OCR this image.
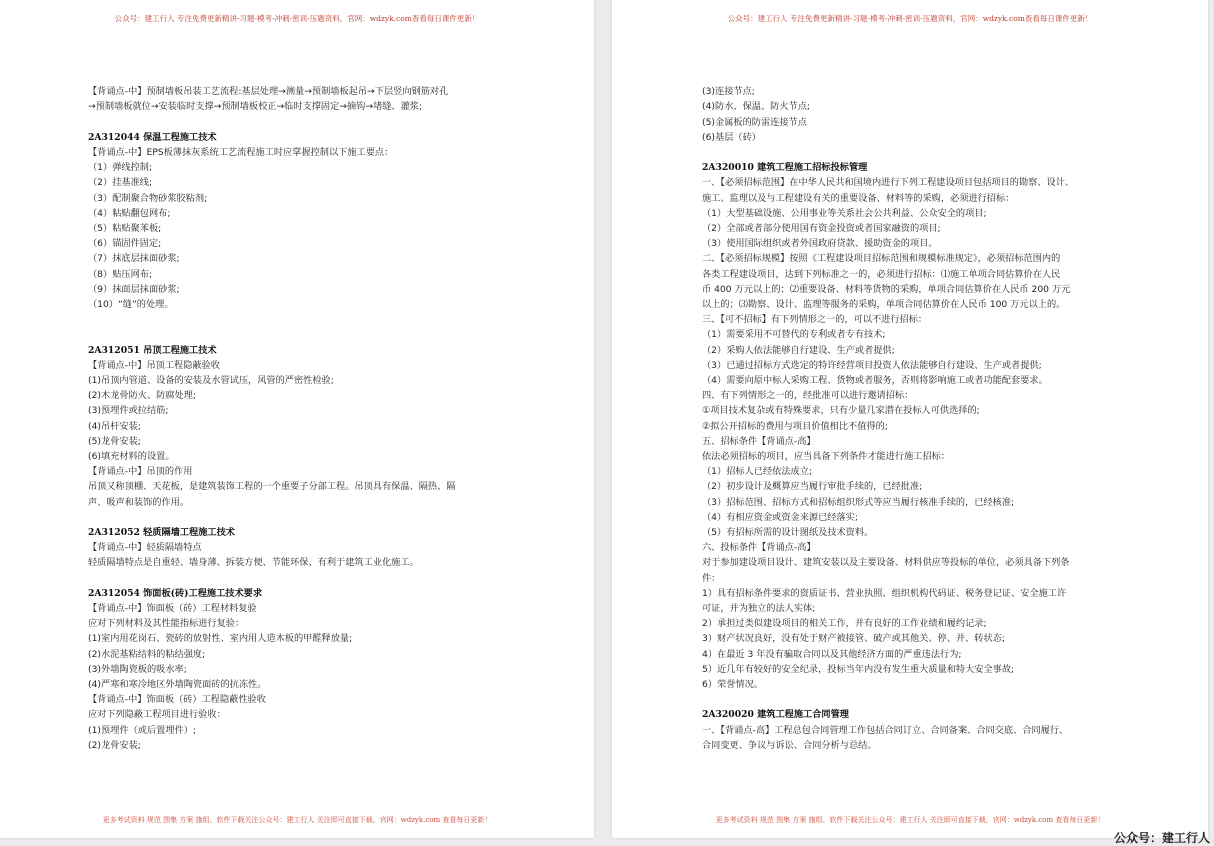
公众号：建工行人 专注免费更新精讲-习题-模考-冲刺-密训-压题资料，官网：wdzyk.com查看每日课件更新！
更多考试资料 规范 图集 方案 施组、软件下载关注公众号：建工行人 关注即可直接下载，官网：wdzyk.com 查看每日更新！
【背诵点-中】预制墙板吊装工艺流程:基层处理→测量→预制墙板起吊→下层竖向钢筋对孔
→预制墙板就位→安装临时支撑→预制墙板校正→临时支撑固定→摘钩→堵缝、灌浆;
2A312044 保温工程施工技术
【背诵点-中】EPS板薄抹灰系统工艺流程施工时应掌握控制以下施工要点：
（1）弹线控制;
（2）挂基准线;
（3）配制聚合物砂浆胶粘剂;
（4）粘贴翻包网布;
（5）粘贴聚苯板;
（6）锚固件固定;
（7）抹底层抹面砂浆;
（8）贴压网布;
（9）抹面层抹面砂浆;
（10）“缝”的处理。
2A312051 吊顶工程施工技术
【背诵点-中】吊顶工程隐蔽验收
(1)吊顶内管道、设备的安装及水管试压，风管的严密性检验;
(2)木龙骨防火、防腐处理;
(3)预埋件或拉结筋;
(4)吊杆安装;
(5)龙骨安装;
(6)填充材料的设置。
【背诵点-中】吊顶的作用
吊顶又称顶棚、天花板，是建筑装饰工程的一个重要子分部工程。吊顶具有保温、隔热、隔
声、吸声和装饰的作用。
2A312052 轻质隔墙工程施工技术
【背诵点-中】轻质隔墙特点
轻质隔墙特点是自重轻、墙身薄、拆装方便、节能环保、有利于建筑工业化施工。
2A312054 饰面板(砖)工程施工技术要求
【背诵点-中】饰面板（砖）工程材料复验
应对下列材料及其性能指标进行复验：
(1)室内用花岗石、瓷砖的放射性、室内用人造木板的甲醛释放量;
(2)水泥基粘结料的粘结强度;
(3)外墙陶瓷板的吸水率;
(4)严寒和寒冷地区外墙陶瓷面砖的抗冻性。
【背诵点-中】饰面板（砖）工程隐蔽性验收
应对下列隐蔽工程项目进行验收：
(1)预埋件（或后置埋件）;
(2)龙骨安装;
公众号：建工行人 专注免费更新精讲-习题-模考-冲刺-密训-压题资料，官网：wdzyk.com查看每日课件更新！
更多考试资料 规范 图集 方案 施组、软件下载关注公众号：建工行人 关注即可直接下载，官网：wdzyk.com 查看每日更新！
(3)连接节点;
(4)防水、保温、防火节点;
(5)金属板的防雷连接节点
(6)基层（砖）
2A320010 建筑工程施工招标投标管理
一、【必须招标范围】在中华人民共和国境内进行下列工程建设项目包括项目的勘察、设计、
施工、监理以及与工程建设有关的重要设备、材料等的采购，必须进行招标：
（1）大型基础设施、公用事业等关系社会公共利益、公众安全的项目;
（2）全部或者部分使用国有资金投资或者国家融资的项目;
（3）使用国际组织或者外国政府贷款、援助资金的项目。
二、【必须招标规模】按照《工程建设项目招标范围和规模标准规定》，必须招标范围内的
各类工程建设项目，达到下列标准之一的，必须进行招标：⑴施工单项合同估算价在人民
币 400 万元以上的；⑵重要设备、材料等货物的采购，单项合同估算价在人民币 200 万元
以上的；⑶勘察、设计、监理等服务的采购，单项合同估算价在人民币 100 万元以上的。
三、【可不招标】有下列情形之一的，可以不进行招标：
（1）需要采用不可替代的专利或者专有技术;
（2）采购人依法能够自行建设、生产或者提供;
（3）已通过招标方式选定的特许经营项目投资人依法能够自行建设、生产或者提供;
（4）需要向原中标人采购工程、货物或者服务，否则将影响施工或者功能配套要求。
四、有下列情形之一的，经批准可以进行邀请招标：
①项目技术复杂或有特殊要求，只有少量几家潜在投标人可供选择的;
②拟公开招标的费用与项目价值相比不值得的;
五、招标条件【背诵点-高】
依法必须招标的项目，应当具备下列条件才能进行施工招标：
（1）招标人已经依法成立;
（2）初步设计及概算应当履行审批手续的，已经批准;
（3）招标范围、招标方式和招标组织形式等应当履行核准手续的，已经核准;
（4）有相应资金或资金来源已经落实;
（5）有招标所需的设计图纸及技术资料。
六、投标条件【背诵点-高】
对于参加建设项目设计、建筑安装以及主要设备、材料供应等投标的单位，必须具备下列条
件：
1）具有招标条件要求的资质证书、营业执照、组织机构代码证、税务登记证、安全施工许
可证，并为独立的法人实体;
2）承担过类似建设项目的相关工作，并有良好的工作业绩和履约记录;
3）财产状况良好，没有处于财产被接管、破产或其他关、停、并、转状态;
4）在最近 3 年没有骗取合同以及其他经济方面的严重违法行为;
5）近几年有较好的安全纪录，投标当年内没有发生重大质量和特大安全事故;
6）荣誉情况。
2A320020 建筑工程施工合同管理
一、【背诵点-高】工程总包合同管理工作包括合同订立、合同备案、合同交底、合同履行、
合同变更、争议与诉讼、合同分析与总结。
公众号：建工行人
